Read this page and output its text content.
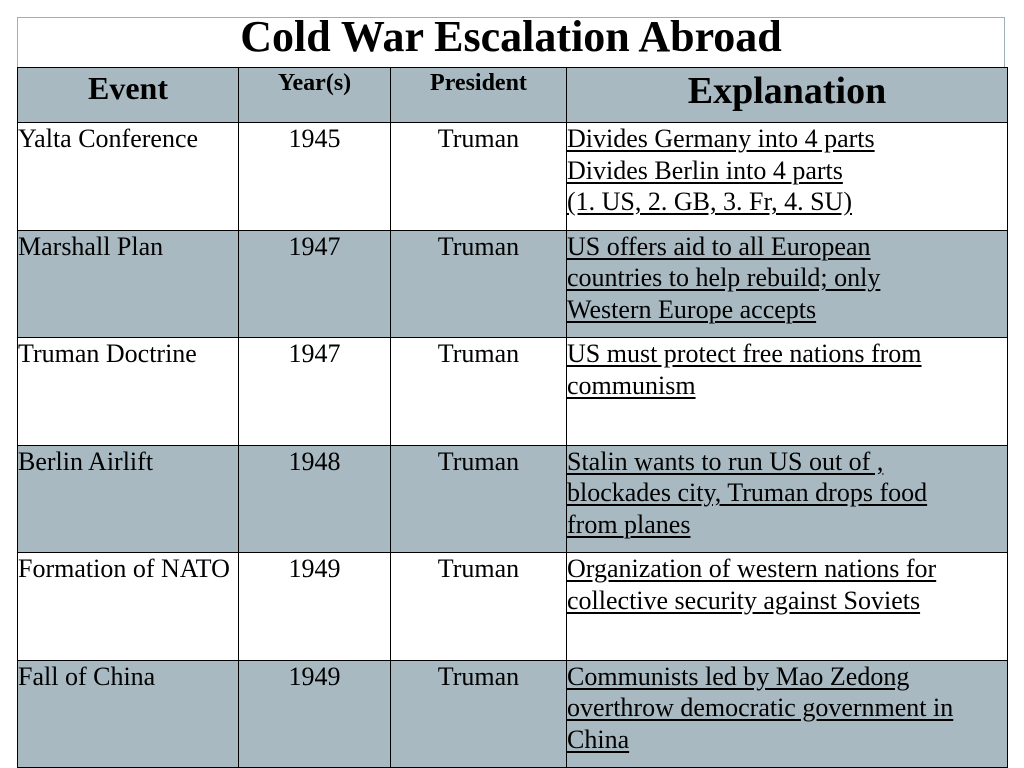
Cold War Escalation Abroad
Event	Year(s)	President	Explanation
Yalta Conference	1945	Truman	Divides Germany into 4 parts
Divides Berlin into 4 parts
(1. US, 2. GB, 3. Fr, 4. SU)

Marshall Plan	1947	Truman	US offers aid to all European
countries to help rebuild; only
Western Europe accepts

Truman Doctrine	1947	Truman	US must protect free nations from
communism

Berlin Airlift	1948	Truman	Stalin wants to run US out of ,
blockades city, Truman drops food
from planes

Formation of NATO	1949	Truman	Organization of western nations for
collective security against Soviets

Fall of China	1949	Truman	Communists led by Mao Zedong
overthrow democratic government in
China
